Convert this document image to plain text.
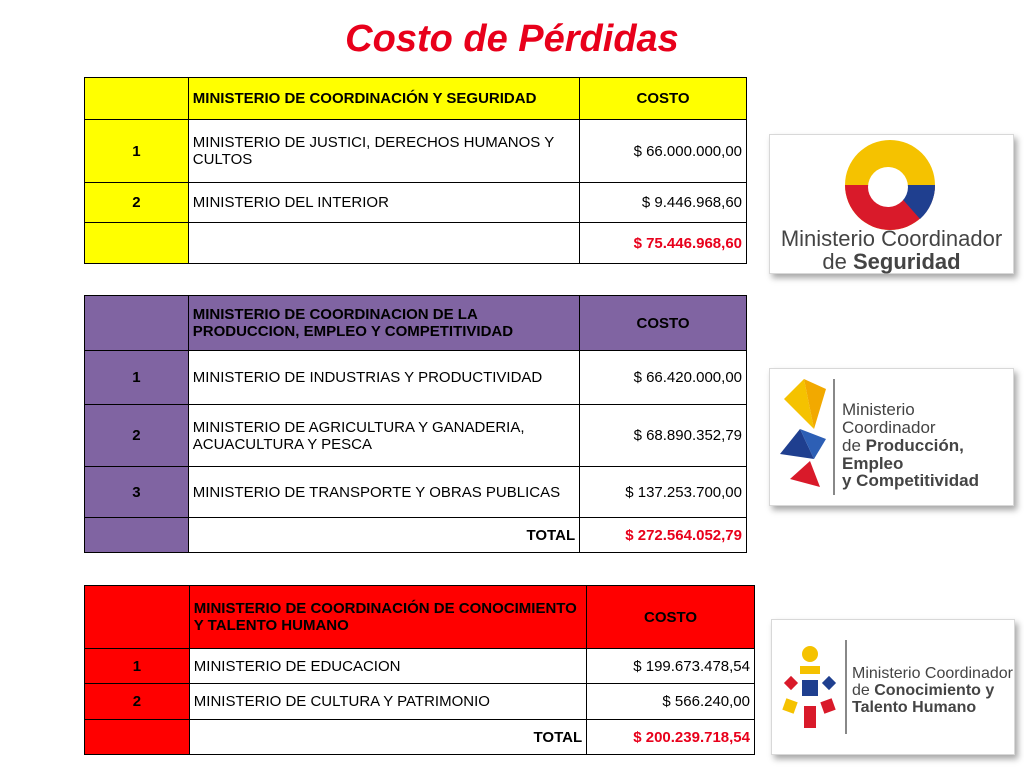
Costo de Pérdidas
	MINISTERIO DE COORDINACIÓN Y SEGURIDAD	COSTO
1	MINISTERIO DE JUSTICI, DERECHOS HUMANOS Y CULTOS	$ 66.000.000,00
2	MINISTERIO DEL INTERIOR	$ 9.446.968,60
		$ 75.446.968,60
	MINISTERIO DE COORDINACION DE LA PRODUCCION, EMPLEO Y COMPETITIVIDAD	COSTO
1	MINISTERIO DE INDUSTRIAS Y PRODUCTIVIDAD	$ 66.420.000,00
2	MINISTERIO DE AGRICULTURA Y GANADERIA, ACUACULTURA Y PESCA	$ 68.890.352,79
3	MINISTERIO DE TRANSPORTE Y OBRAS PUBLICAS	$ 137.253.700,00
	TOTAL	$ 272.564.052,79
	MINISTERIO DE COORDINACIÓN DE CONOCIMIENTO Y TALENTO HUMANO	COSTO
1	MINISTERIO DE EDUCACION	$ 199.673.478,54
2	MINISTERIO DE CULTURA Y PATRIMONIO	$ 566.240,00
	TOTAL	$ 200.239.718,54
Ministerio Coordinador
de Seguridad
Ministerio Coordinador
de Producción, Empleo
y Competitividad
Ministerio Coordinador
de Conocimiento y
Talento Humano
